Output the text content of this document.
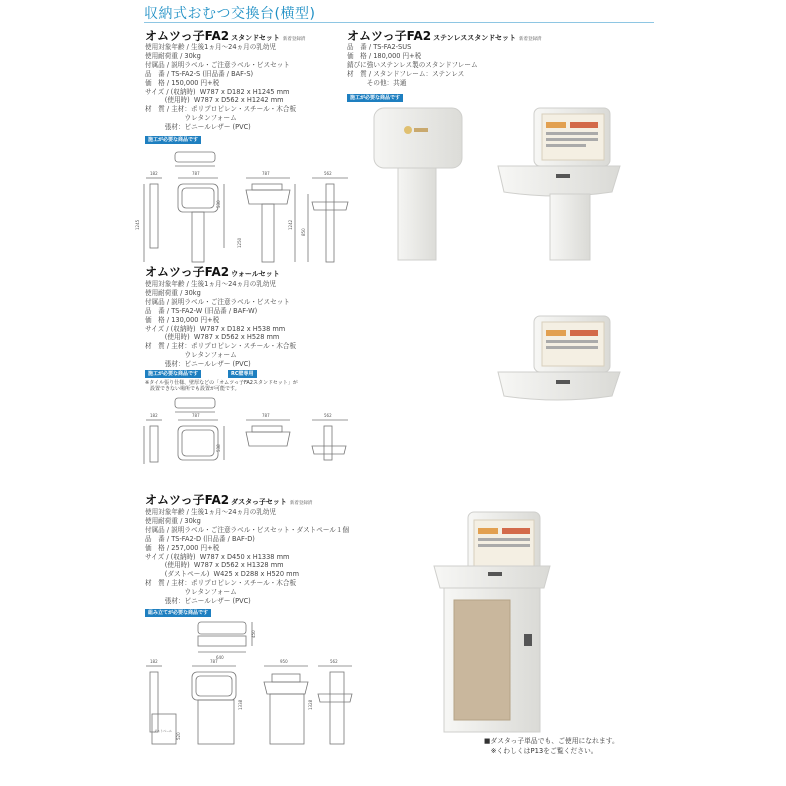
収納式おむつ交換台(横型)
オムツっ子FA2 スタンドセット 新着登録済
使用対象年齢 / 生後1ヵ月〜24ヵ月の乳幼児
使用耐荷重 / 30kg
付属品 / 説明ラベル・ご注意ラベル・ビスセット
品　番 / TS-FA2-S (旧品番 / BAF-S)
価　格 / 150,000 円+税
サイズ / (収納時)  W787 x D182 x H1245 mm
　　　(使用時)  W787 x D562 x H1242 mm
材　質 / 主材：ポリプロピレン・スチール・木合板
　　　　　　ウレタンフォーム
　　　張材：ビニールレザー (PVC)
施工が必要な商品です
オムツっ子FA2 ステンレススタンドセット 新着登録済
品　番 / TS-FA2-SUS
価　格 / 180,000 円+税
錆びに強いステンレス製のスタンドフレーム
材　質 / スタンドフレーム：ステンレス
　　　その他：共通
施工が必要な商品です
182	787
1245
530
787
1242
562
850
1250
オムツっ子FA2 ウォールセット
使用対象年齢 / 生後1ヵ月〜24ヵ月の乳幼児
使用耐荷重 / 30kg
付属品 / 説明ラベル・ご注意ラベル・ビスセット
品　番 / TS-FA2-W (旧品番 / BAF-W)
価　格 / 130,000 円+税
サイズ / (収納時)  W787 x D182 x H538 mm
　　　(使用時)  W787 x D562 x H528 mm
材　質 / 主材：ポリプロピレン・スチール・木合板
　　　　　　ウレタンフォーム
　　　張材：ビニールレザー (PVC)
施工が必要な商品です	RC壁専用
※タイル張り仕様、壁厚などの「オムツっ子FA2スタンドセット」が
　設置できない場所でも設置が可能です。
182	787
538
787	562
オムツっ子FA2 ダスタっ子セット 新着登録済
使用対象年齢 / 生後1ヵ月〜24ヵ月の乳幼児
使用耐荷重 / 30kg
付属品 / 説明ラベル・ご注意ラベル・ビスセット・ダストペール１個
品　番 / TS-FA2-D (旧品番 / BAF-D)
価　格 / 257,000 円+税
サイズ / (収納時)  W787 x D450 x H1338 mm
　　　(使用時)  W787 x D562 x H1328 mm
　　　(ダストペール)  W425 x D288 x H520 mm
材　質 / 主材：ポリプロピレン・スチール・木合板
　　　　　　ウレタンフォーム
　　　張材：ビニールレザー (PVC)
組み立てが必要な商品です
450
640
182	787
1338
950	562
1328
520
ダストペール
■ダスタっ子単品でも、ご使用になれます。
　※くわしくはP13をご覧ください。
